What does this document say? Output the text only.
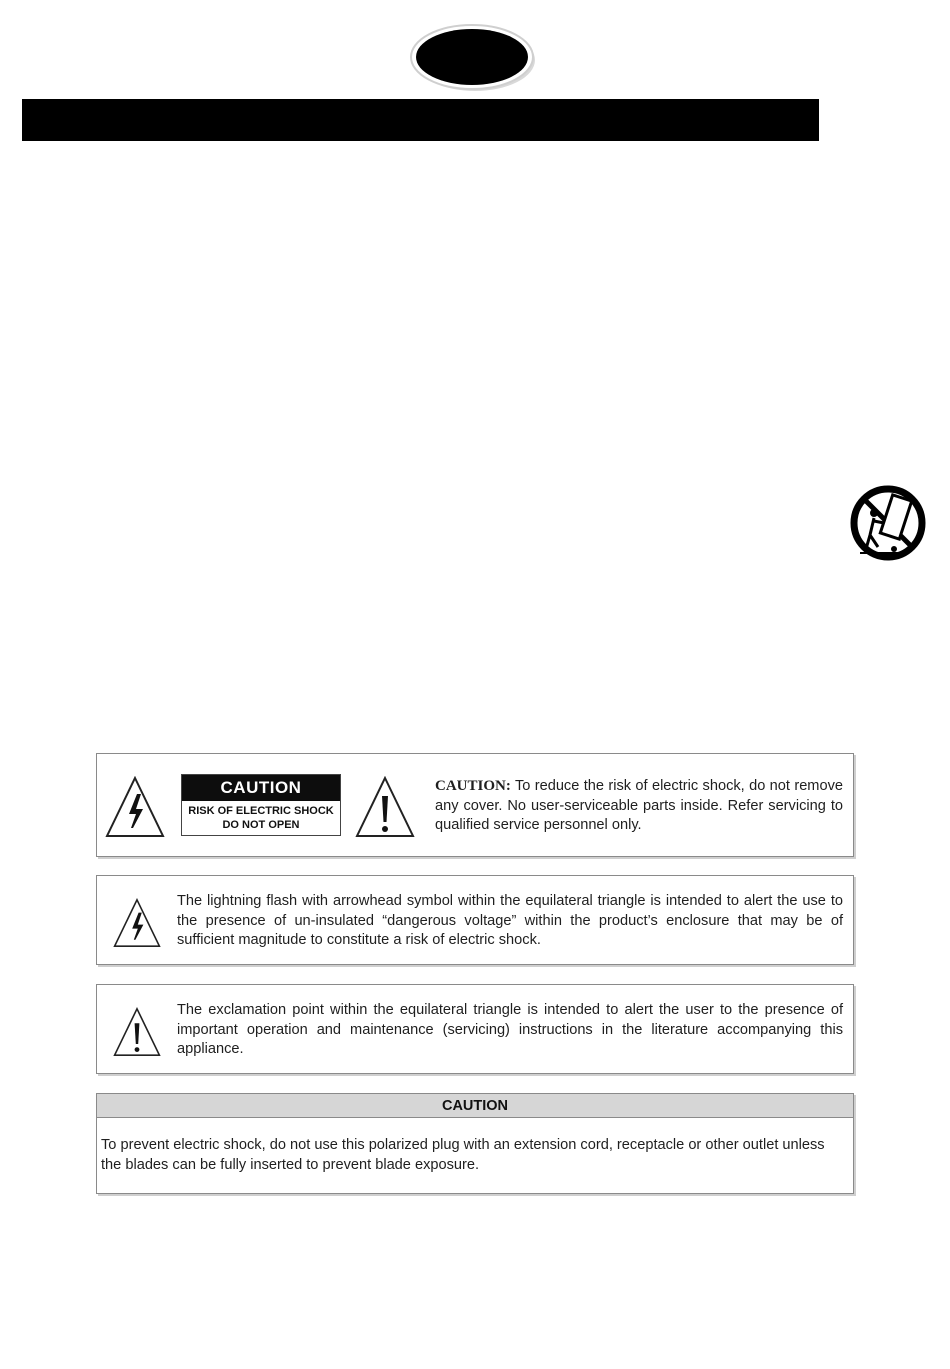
CAUTION
RISK OF ELECTRIC SHOCK
DO NOT OPEN
CAUTION: To reduce the risk of electric shock, do not remove any cover. No user-serviceable parts inside. Refer servicing to qualified service personnel only.
The lightning flash with arrowhead symbol within the equilateral triangle is intended to alert the use to the presence of un-insulated “dangerous voltage” within the product’s enclosure that may be of sufficient magnitude to constitute a risk of electric shock.
The exclamation point within the equilateral triangle is intended to alert the user to the presence of important operation and maintenance (servicing) instructions in the literature accompanying this appliance.
CAUTION
To prevent electric shock, do not use this polarized plug with an extension cord, receptacle or other outlet unless the blades can be fully inserted to prevent blade exposure.
